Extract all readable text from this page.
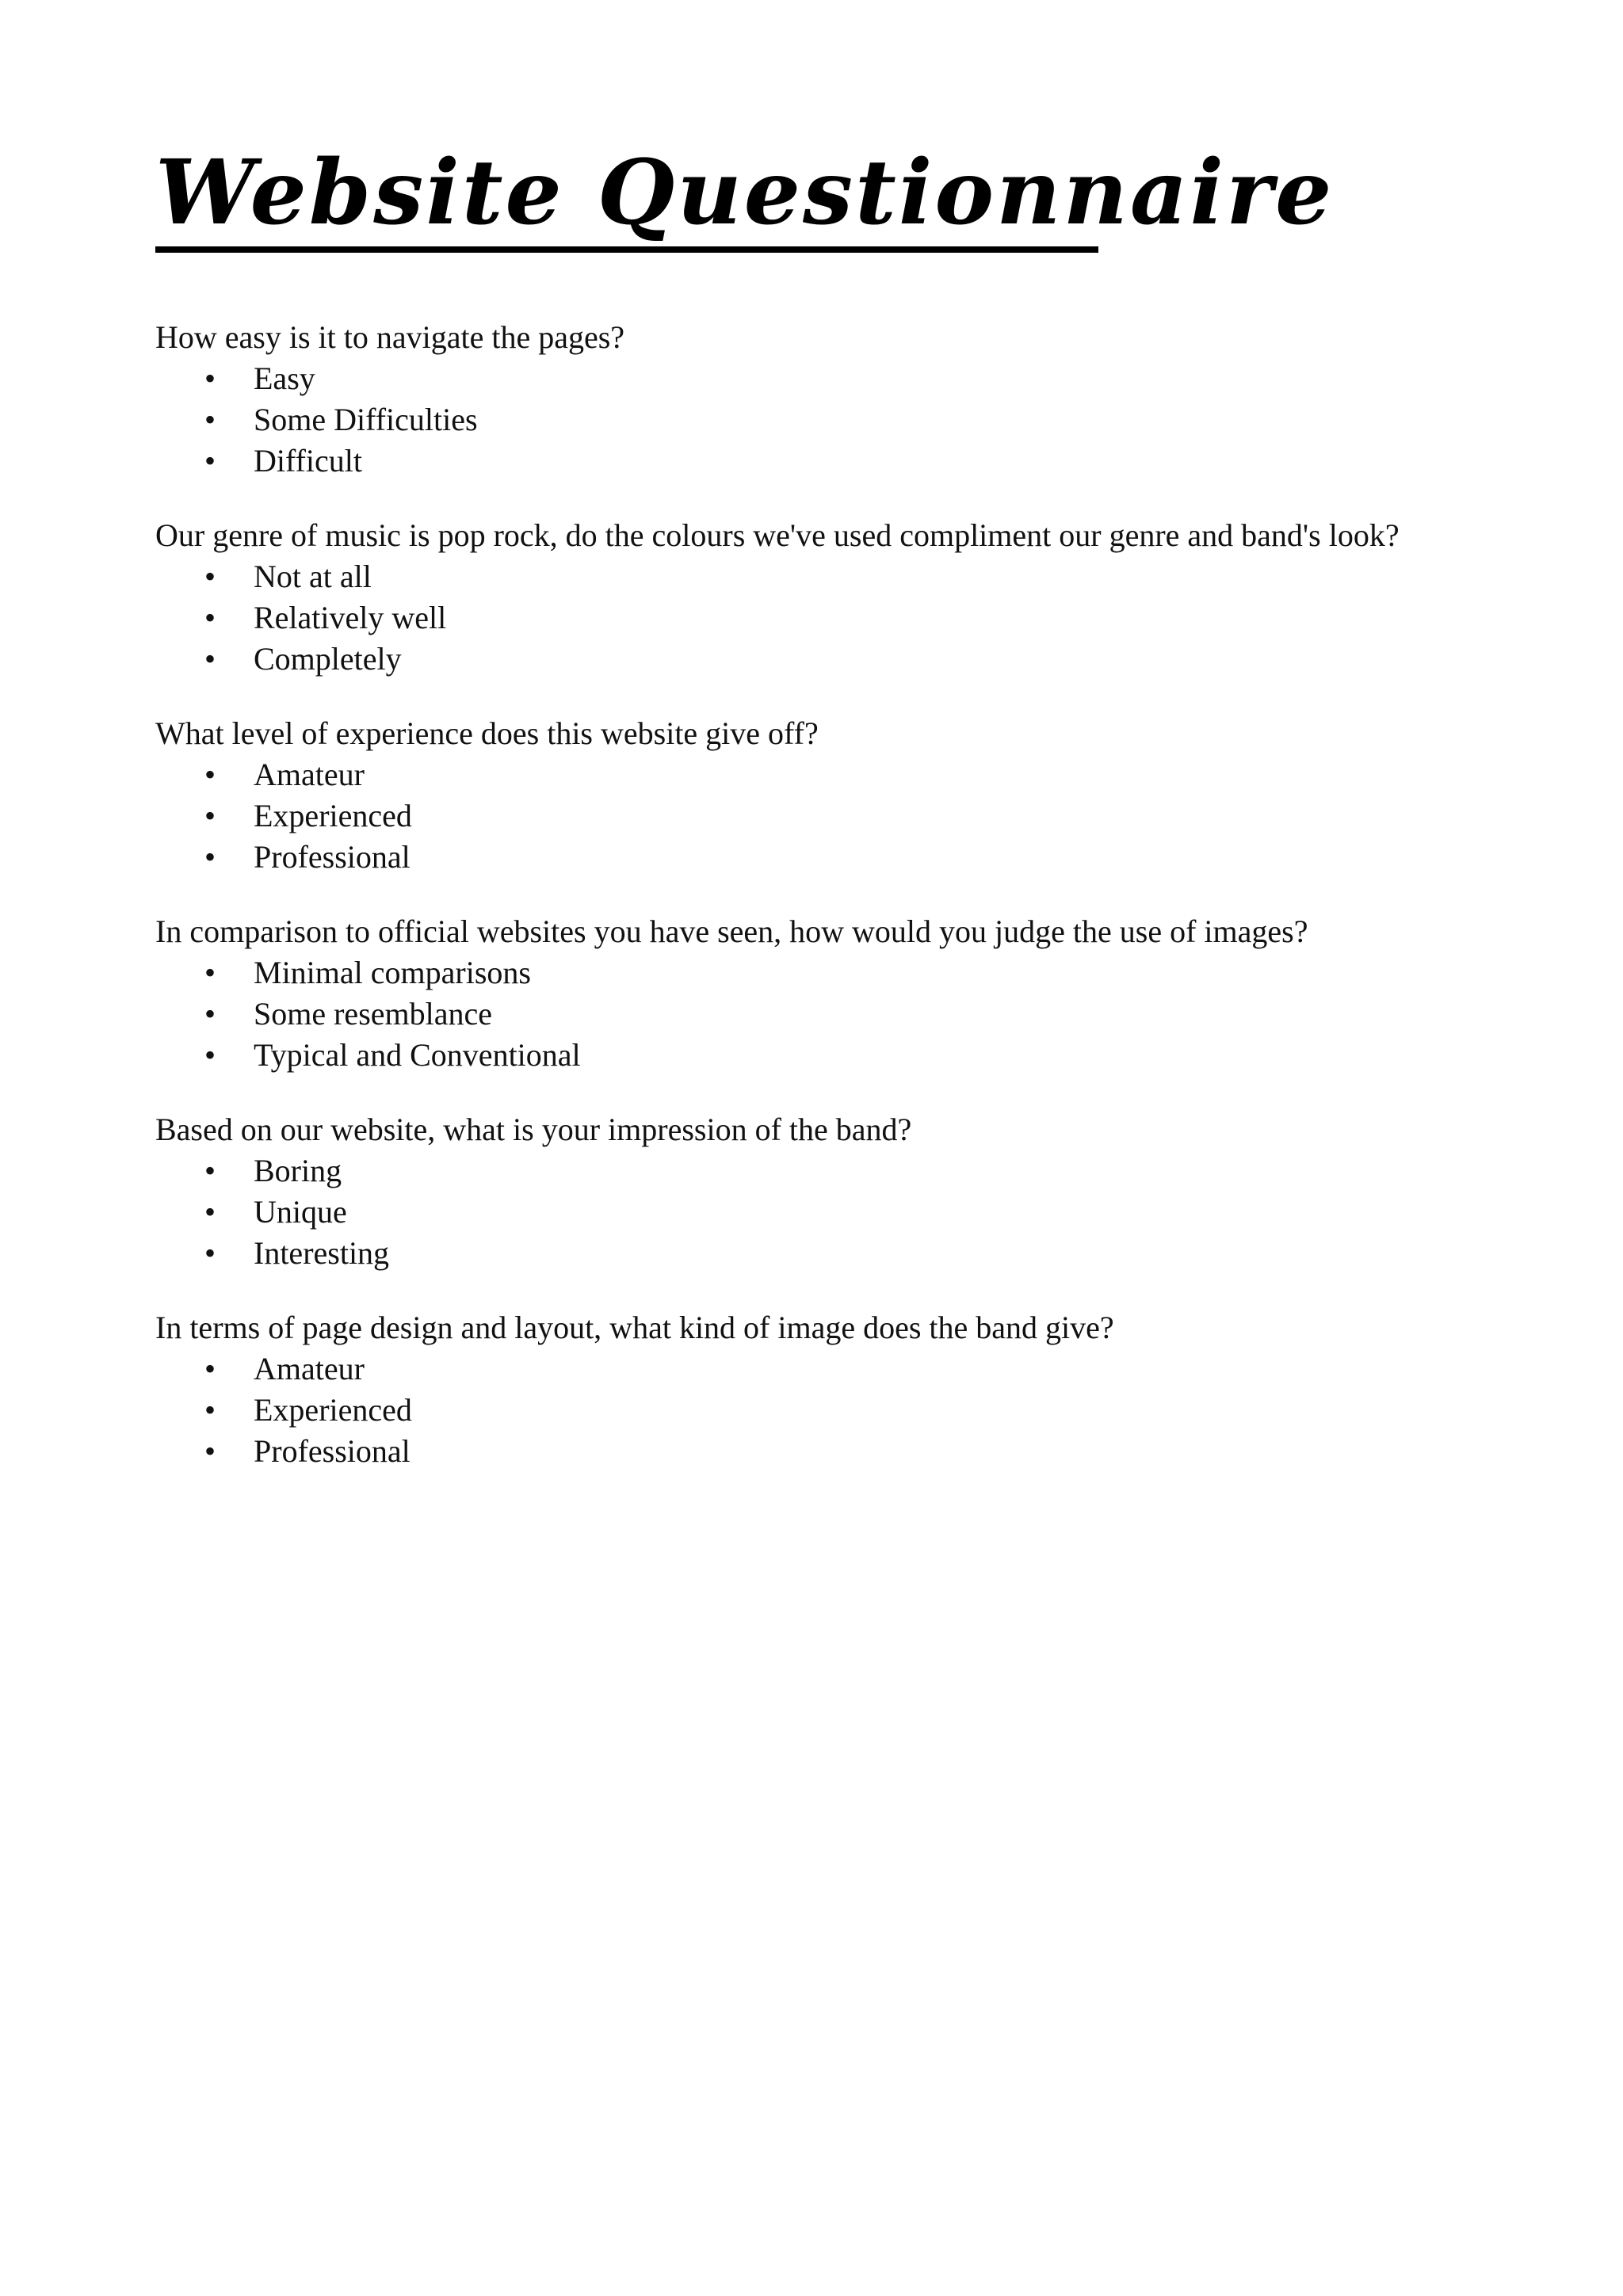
Website Questionnaire
How easy is it to navigate the pages?
• Easy
• Some Difficulties
• Difficult
Our genre of music is pop rock, do the colours we've used compliment our genre and band's look?
• Not at all
• Relatively well
• Completely
What level of experience does this website give off?
• Amateur
• Experienced
• Professional
In comparison to official websites you have seen, how would you judge the use of images?
• Minimal comparisons
• Some resemblance
• Typical and Conventional
Based on our website, what is your impression of the band?
• Boring
• Unique
• Interesting
In terms of page design and layout, what kind of image does the band give?
• Amateur
• Experienced
• Professional
